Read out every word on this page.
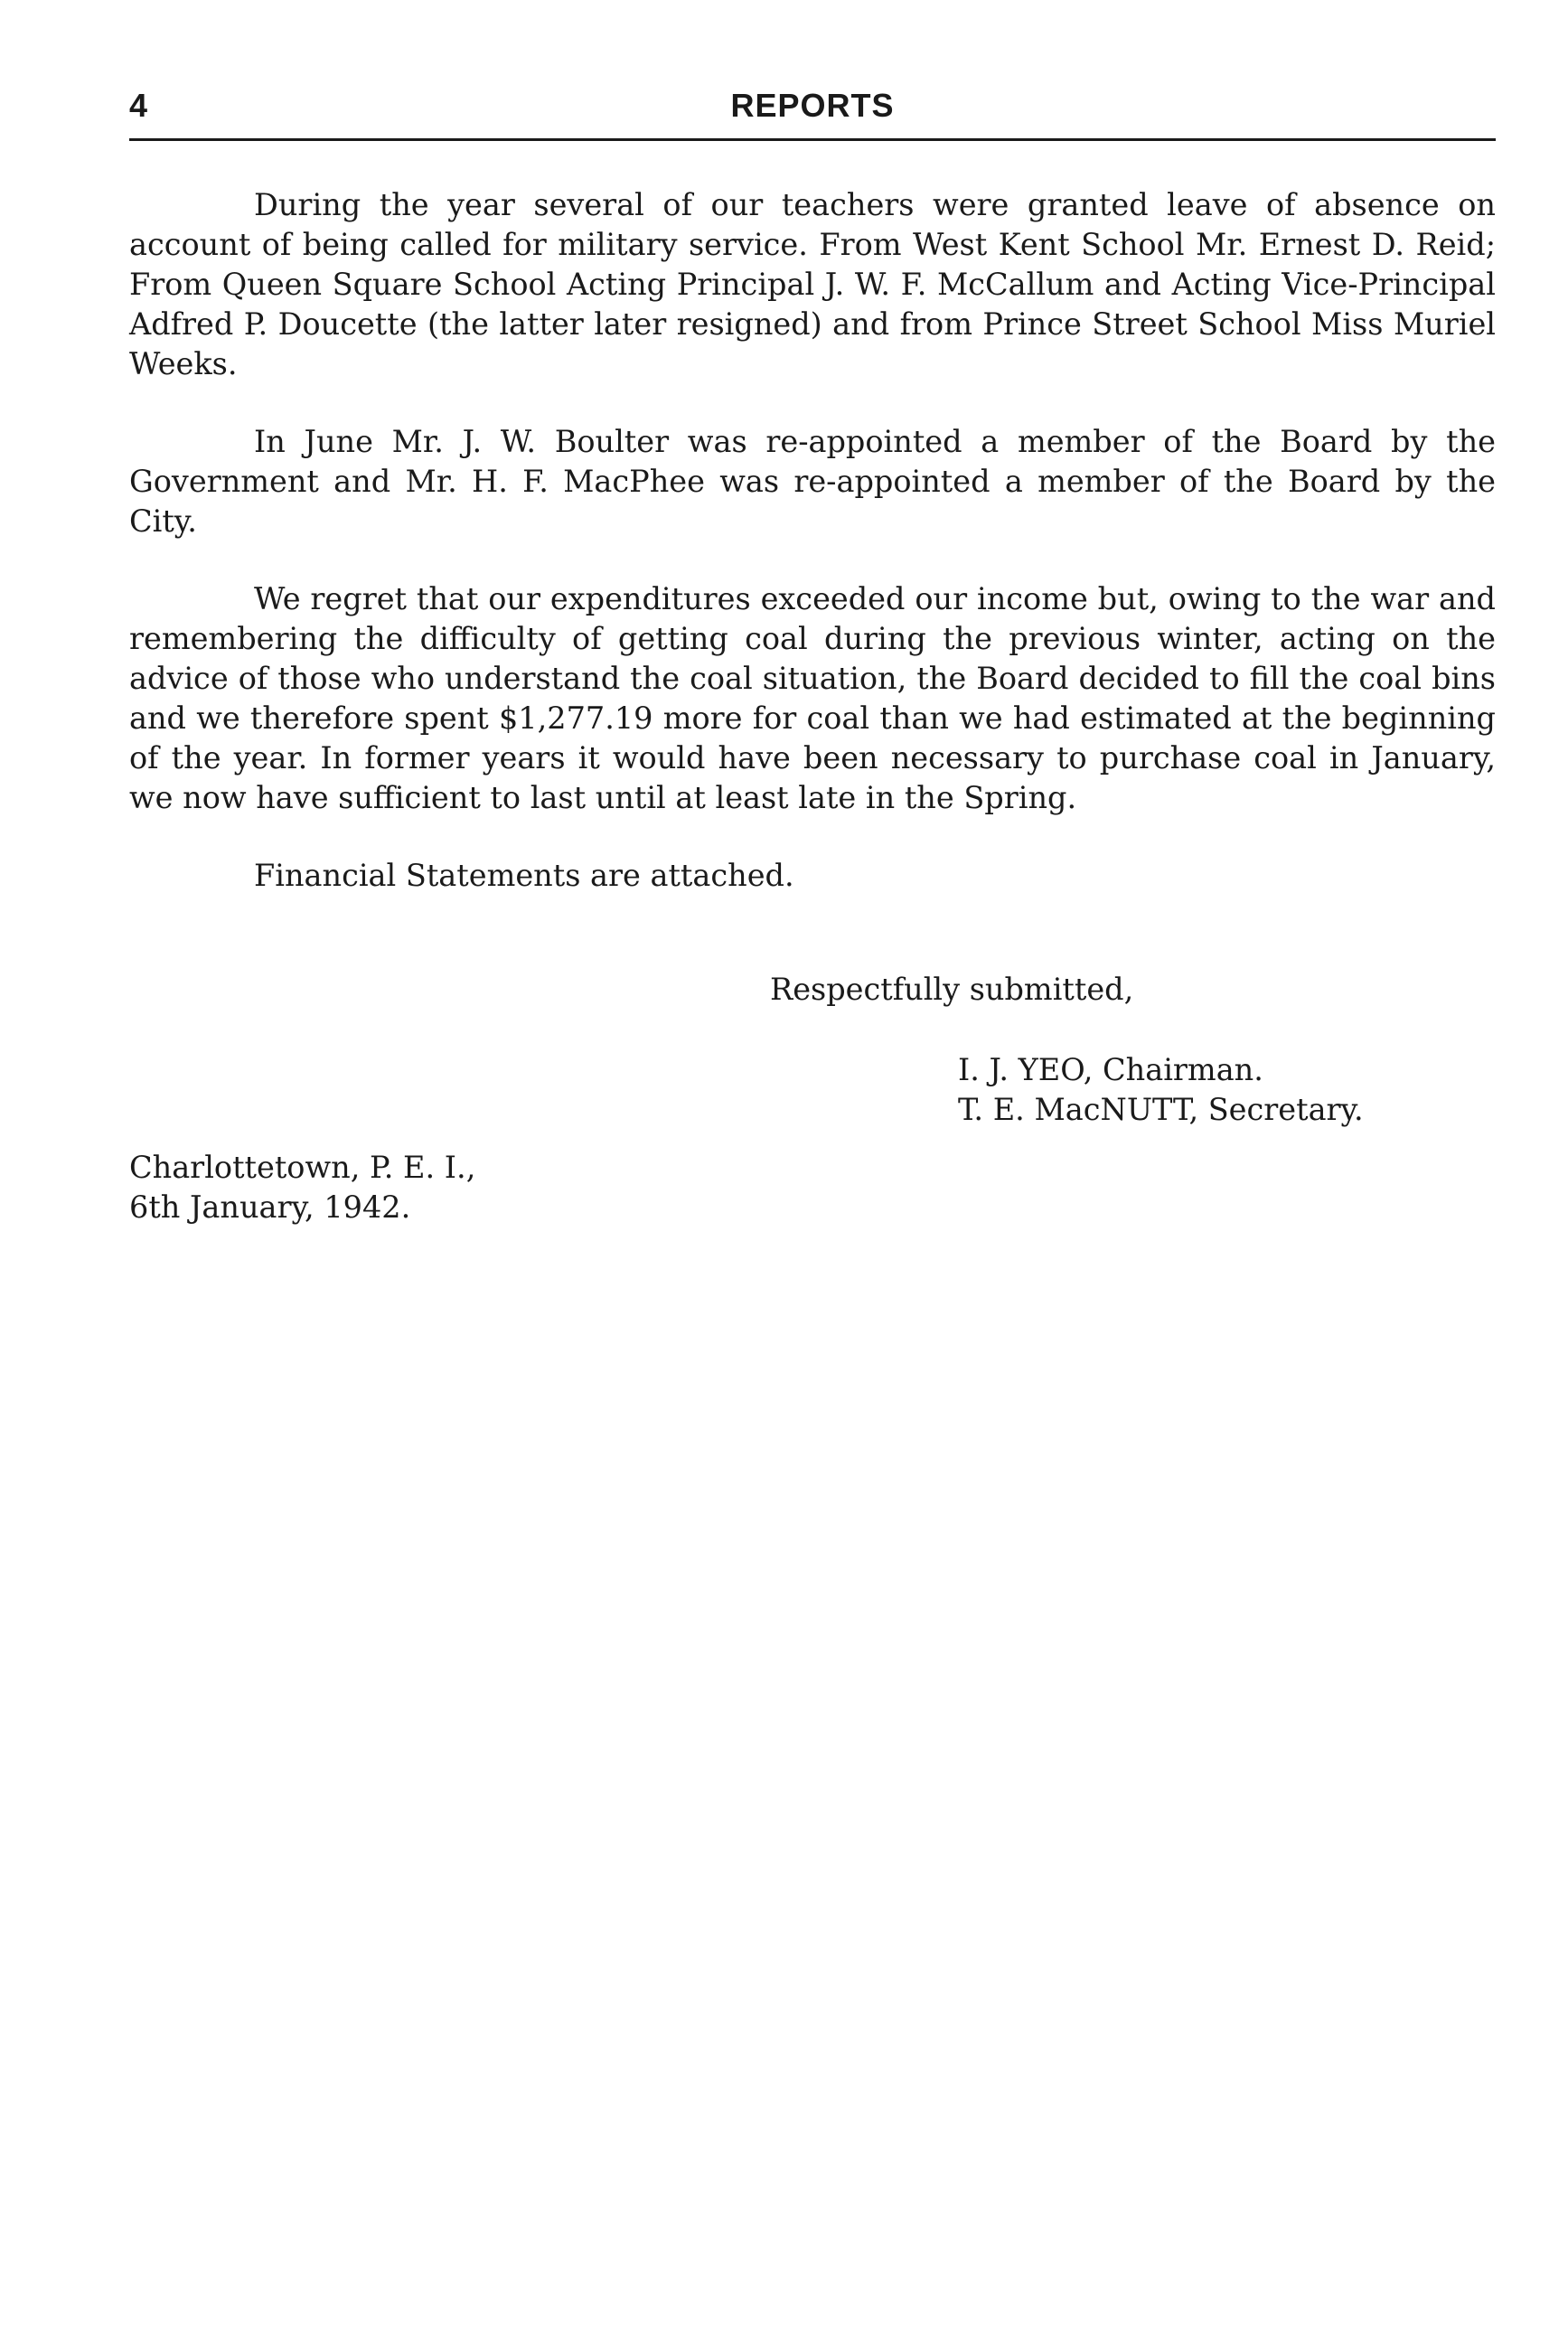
4	REPORTS

During the year several of our teachers were granted leave of absence on account of being called for military service. From West Kent School Mr. Ernest D. Reid; From Queen Square School Acting Principal J. W. F. McCallum and Acting Vice-Principal Adfred P. Doucette (the latter later resigned) and from Prince Street School Miss Muriel Weeks.

In June Mr. J. W. Boulter was re-appointed a member of the Board by the Government and Mr. H. F. MacPhee was re-appointed a member of the Board by the City.

We regret that our expenditures exceeded our income but, owing to the war and remembering the difficulty of getting coal during the previous winter, acting on the advice of those who understand the coal situation, the Board decided to fill the coal bins and we therefore spent $1,277.19 more for coal than we had estimated at the beginning of the year. In former years it would have been necessary to purchase coal in January, we now have sufficient to last until at least late in the Spring.

Financial Statements are attached.

Respectfully submitted,
I. J. YEO, Chairman.
T. E. MacNUTT, Secretary.
Charlottetown, P. E. I.,
6th January, 1942.
